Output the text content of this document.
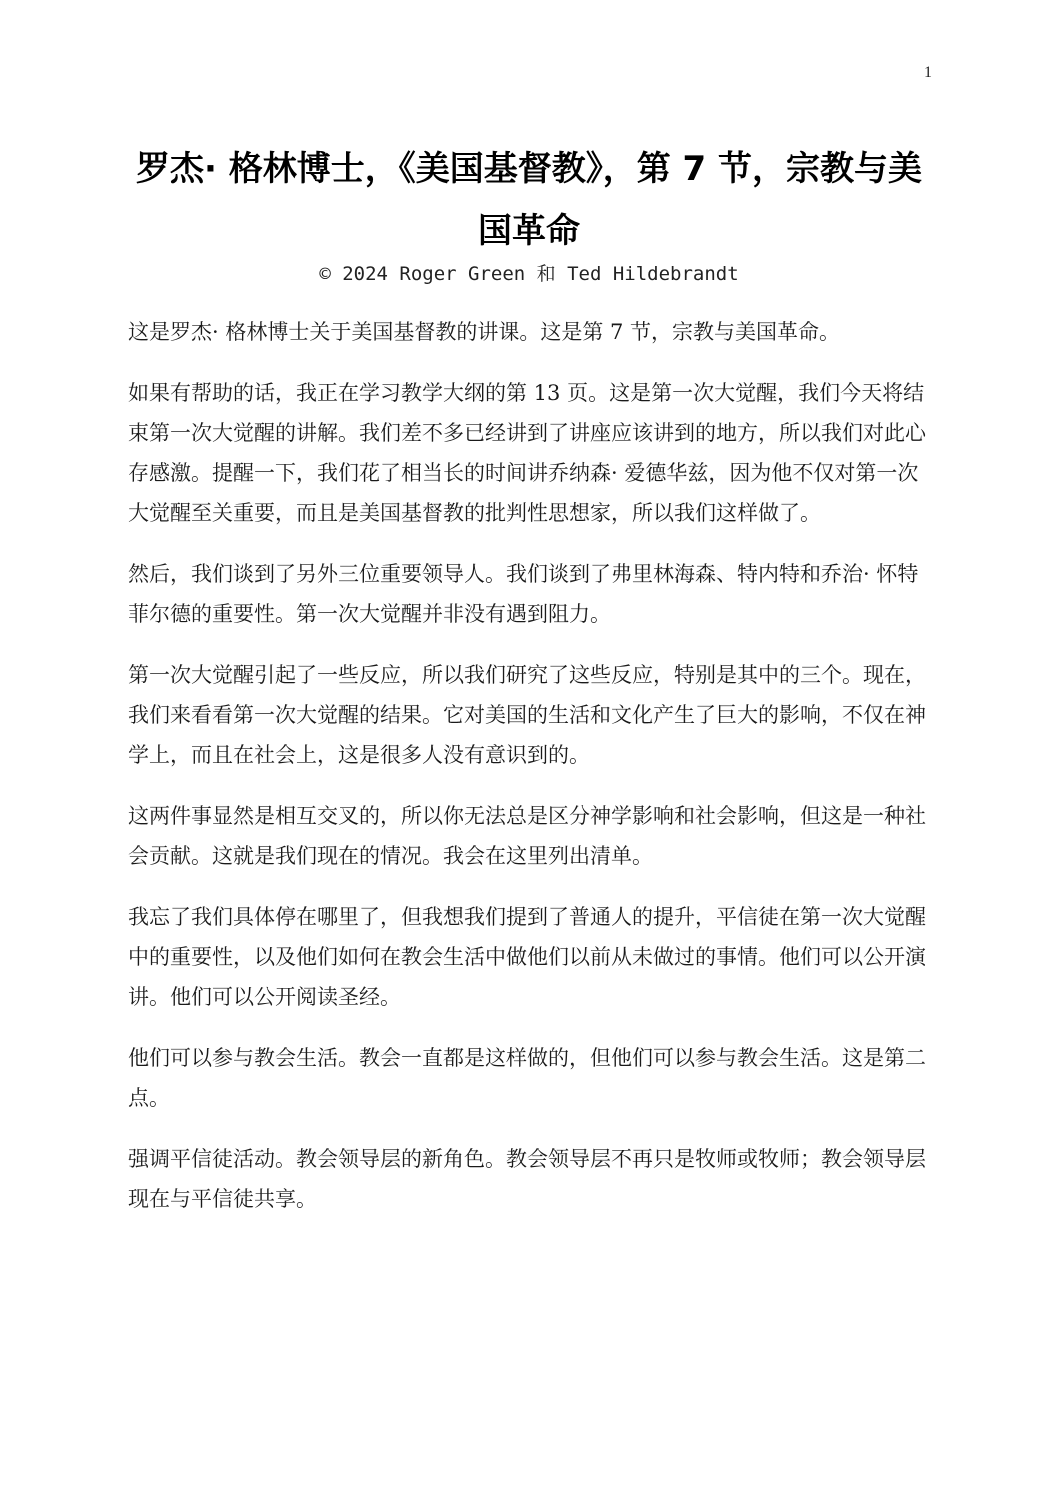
1
罗杰· 格林博士，《美国基督教》，第 7 节，宗教与美国革命
© 2024 Roger Green 和 Ted Hildebrandt

这是罗杰· 格林博士关于美国基督教的讲课。这是第 7 节，宗教与美国革命。

如果有帮助的话，我正在学习教学大纲的第 13 页。这是第一次大觉醒，我们今天将结束第一次大觉醒的讲解。我们差不多已经讲到了讲座应该讲到的地方，所以我们对此心存感激。提醒一下，我们花了相当长的时间讲乔纳森· 爱德华兹，因为他不仅对第一次大觉醒至关重要，而且是美国基督教的批判性思想家，所以我们这样做了。

然后，我们谈到了另外三位重要领导人。我们谈到了弗里林海森、特内特和乔治· 怀特菲尔德的重要性。第一次大觉醒并非没有遇到阻力。

第一次大觉醒引起了一些反应，所以我们研究了这些反应，特别是其中的三个。现在，我们来看看第一次大觉醒的结果。它对美国的生活和文化产生了巨大的影响，不仅在神学上，而且在社会上，这是很多人没有意识到的。

这两件事显然是相互交叉的，所以你无法总是区分神学影响和社会影响，但这是一种社会贡献。这就是我们现在的情况。我会在这里列出清单。

我忘了我们具体停在哪里了，但我想我们提到了普通人的提升，平信徒在第一次大觉醒中的重要性，以及他们如何在教会生活中做他们以前从未做过的事情。他们可以公开演讲。他们可以公开阅读圣经。

他们可以参与教会生活。教会一直都是这样做的，但他们可以参与教会生活。这是第二点。

强调平信徒活动。教会领导层的新角色。教会领导层不再只是牧师或牧师；教会领导层现在与平信徒共享。
